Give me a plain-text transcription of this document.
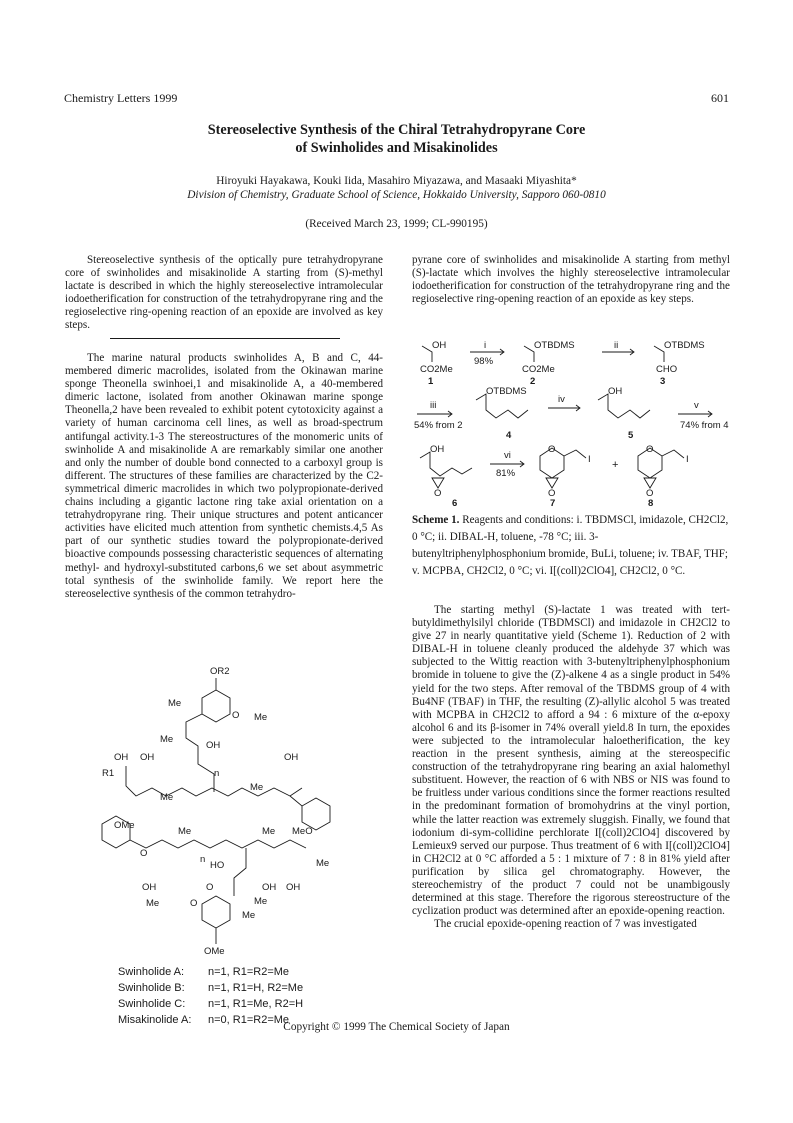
Chemistry Letters 1999	601
Stereoselective Synthesis of the Chiral Tetrahydropyrane Core
of Swinholides and Misakinolides
Hiroyuki Hayakawa, Kouki Iida, Masahiro Miyazawa, and Masaaki Miyashita*
Division of Chemistry, Graduate School of Science, Hokkaido University, Sapporo 060-0810
(Received March 23, 1999; CL-990195)

Stereoselective synthesis of the optically pure tetrahydropyrane core of swinholides and misakinolide A starting from (S)-methyl lactate is described in which the highly stereoselective intramolecular iodoetherification for construction of the tetrahydropyrane ring and the regioselective ring-opening reaction of an epoxide are involved as key steps.

pyrane core of swinholides and misakinolide A starting from methyl (S)-lactate which involves the highly stereoselective intramolecular iodoetherification for construction of the tetrahydropyrane ring and the regioselective ring-opening reaction of an epoxide as key steps.

The marine natural products swinholides A, B and C, 44-membered dimeric macrolides, isolated from the Okinawan marine sponge Theonella swinhoei,1 and misakinolide A, a 40-membered dimeric lactone, isolated from another Okinawan marine sponge Theonella,2 have been revealed to exhibit potent cytotoxicity against a variety of human carcinoma cell lines, as well as broad-spectrum antifungal activity.1-3 The stereostructures of the monomeric units of swinholide A and misakinolide A are remarkably similar one another and only the number of double bond connected to a carboxyl group is different. The structures of these families are characterized by the C2-symmetrical dimeric macrolides in which two polypropionate-derived chains including a gigantic lactone ring take axial orientation on a tetrahydropyrane ring. Their unique structures and potent anticancer activities have elicited much attention from synthetic chemists.4,5 As part of our synthetic studies toward the polypropionate-derived bioactive compounds possessing characteristic sequences of alternating methyl- and hydroxyl-substituted carbons,6 we set about asymmetric total synthesis of the swinholide family. We report here the stereoselective synthesis of the common tetrahydro-

OH
CO2Me
1
i
98%
OTBDMS
CO2Me
2
ii	OTBDMS
CHO
3
iii
54% from 2
OTBDMS
4
iv
OH
5
v
74% from 4
OH
O
6
vi
81%
O
I
O
7
+
O
I
O
8
Scheme 1. Reagents and conditions: i. TBDMSCl, imidazole, CH2Cl2, 0 °C; ii. DIBAL-H, toluene, -78 °C; iii. 3-butenyltriphenylphosphonium bromide, BuLi, toluene; iv. TBAF, THF; v. MCPBA, CH2Cl2, 0 °C; vi. I[(coll)2ClO4], CH2Cl2, 0 °C.

The starting methyl (S)-lactate 1 was treated with tert-butyldimethylsilyl chloride (TBDMSCl) and imidazole in CH2Cl2 to give 27 in nearly quantitative yield (Scheme 1). Reduction of 2 with DIBAL-H in toluene cleanly produced the aldehyde 37 which was subjected to the Wittig reaction with 3-butenyltriphenylphosphonium bromide in toluene to give the (Z)-alkene 4 as a single product in 54% yield for the two steps. After removal of the TBDMS group of 4 with Bu4NF (TBAF) in THF, the resulting (Z)-allylic alcohol 5 was treated with MCPBA in CH2Cl2 to afford a 94 : 6 mixture of the α-epoxy alcohol 6 and its β-isomer in 74% overall yield.8 In turn, the epoxides were subjected to the intramolecular haloetherification, the key reaction in the present synthesis, aiming at the stereospecific construction of the tetrahydropyrane ring bearing an axial halomethyl substituent. However, the reaction of 6 with NBS or NIS was found to be fruitless under various conditions since the former reactions resulted in the predominant formation of bromohydrins at the vinyl portion, while the latter reaction was extremely sluggish. Finally, we found that iodonium di-sym-collidine perchlorate I[(coll)2ClO4] discovered by Lemieux9 served our purpose. Thus treatment of 6 with I[(coll)2ClO4] in CH2Cl2 at 0 °C afforded a 5 : 1 mixture of 7 : 8 in 81% yield after purification by silica gel chromatography. However, the stereochemistry of the product 7 could not be unambigously determined at this stage. Therefore the rigorous stereostructure of the cyclization product was determined after an epoxide-opening reaction.

The crucial epoxide-opening reaction of 7 was investigated

OR2
Me
O Me
Me
OH
OH OH	OH
R1
Me
Me
n
OMe
MeO
Me	Me
Me
O
n
OH	OH OH
O
HO
Me
Me
Me
O
OMe
Swinholide A:	n=1, R1=R2=Me
Swinholide B:	n=1, R1=H, R2=Me
Swinholide C:	n=1, R1=Me, R2=H
Misakinolide A:	n=0, R1=R2=Me
Copyright © 1999 The Chemical Society of Japan
